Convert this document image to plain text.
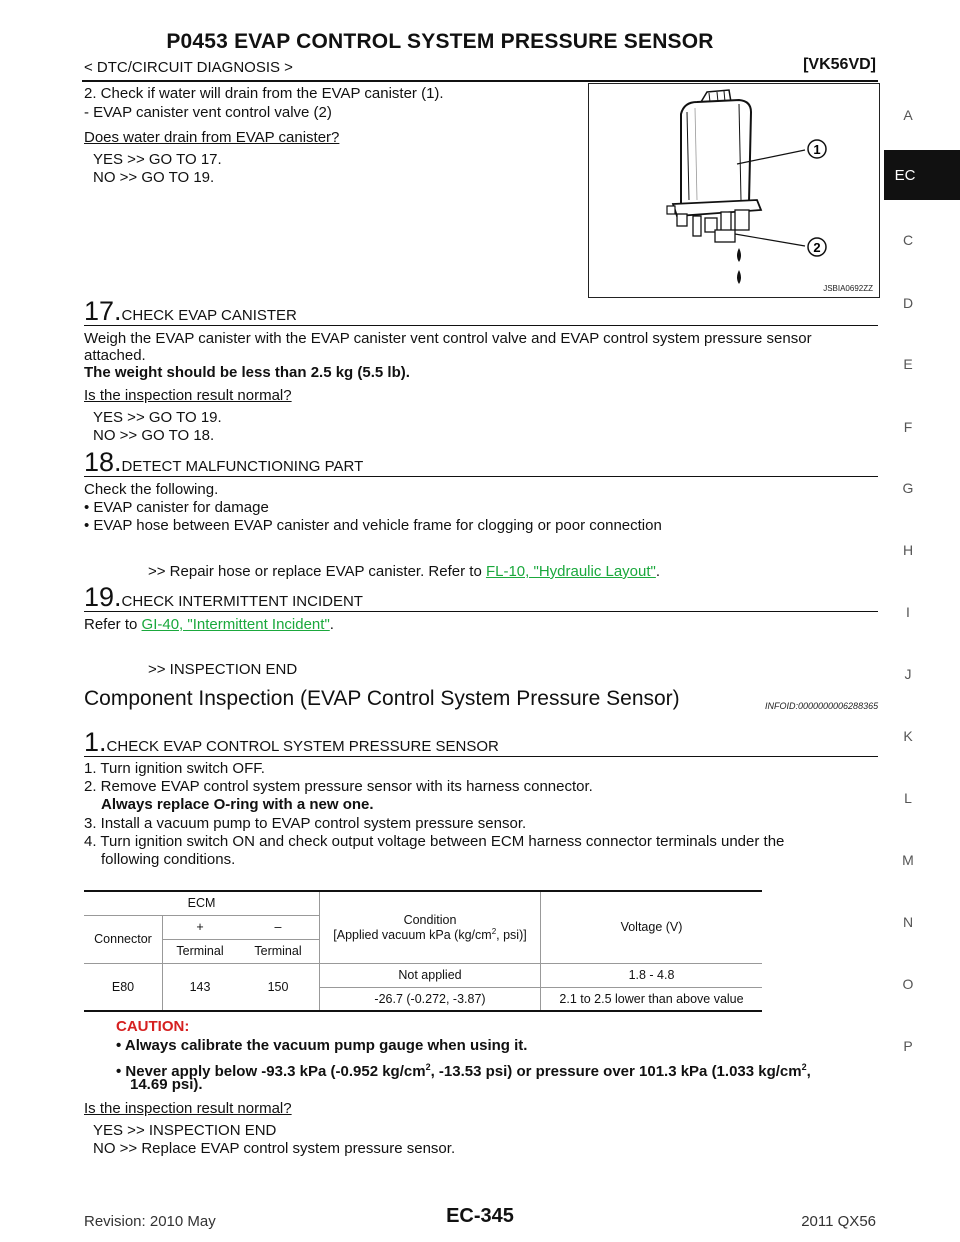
P0453 EVAP CONTROL SYSTEM PRESSURE SENSOR
< DTC/CIRCUIT DIAGNOSIS >	[VK56VD]
A
EC
C
D
E
F
G
H
I
J
K
L
M
N
O
P
1
2
JSBIA0692ZZ
2. Check if water will drain from the EVAP canister (1).
- EVAP canister vent control valve (2)
Does water drain from EVAP canister?
YES >> GO TO 17.
NO >> GO TO 19.
17.CHECK EVAP CANISTER
Weigh the EVAP canister with the EVAP canister vent control valve and EVAP control system pressure sensor
attached.
The weight should be less than 2.5 kg (5.5 lb).
Is the inspection result normal?
YES >> GO TO 19.
NO >> GO TO 18.
18.DETECT MALFUNCTIONING PART
Check the following.
• EVAP canister for damage
• EVAP hose between EVAP canister and vehicle frame for clogging or poor connection
>> Repair hose or replace EVAP canister. Refer to FL-10, "Hydraulic Layout".
19.CHECK INTERMITTENT INCIDENT
Refer to GI-40, "Intermittent Incident".
>> INSPECTION END
Component Inspection (EVAP Control System Pressure Sensor)	INFOID:0000000006288365
1.CHECK EVAP CONTROL SYSTEM PRESSURE SENSOR
1. Turn ignition switch OFF.
2. Remove EVAP control system pressure sensor with its harness connector.
Always replace O-ring with a new one.
3. Install a vacuum pump to EVAP control system pressure sensor.
4. Turn ignition switch ON and check output voltage between ECM harness connector terminals under the
following conditions.
ECM			Condition
[Applied vacuum kPa ($kg/cm^2$, psi)]	Voltage (V)
Connector	+	–		
	Terminal	Terminal		
E80	143	150	Not applied	1.8 - 4.8
			-26.7 (-0.272, -3.87)	2.1 to 2.5 lower than above value
CAUTION:
• Always calibrate the vacuum pump gauge when using it.
• Never apply below -93.3 kPa (-0.952 $kg/cm^2$, -13.53 psi) or pressure over 101.3 kPa (1.033 $kg/cm^2$,
14.69 psi).
Is the inspection result normal?
YES >> INSPECTION END
NO >> Replace EVAP control system pressure sensor.
Revision: 2010 May	EC-345	2011 QX56
